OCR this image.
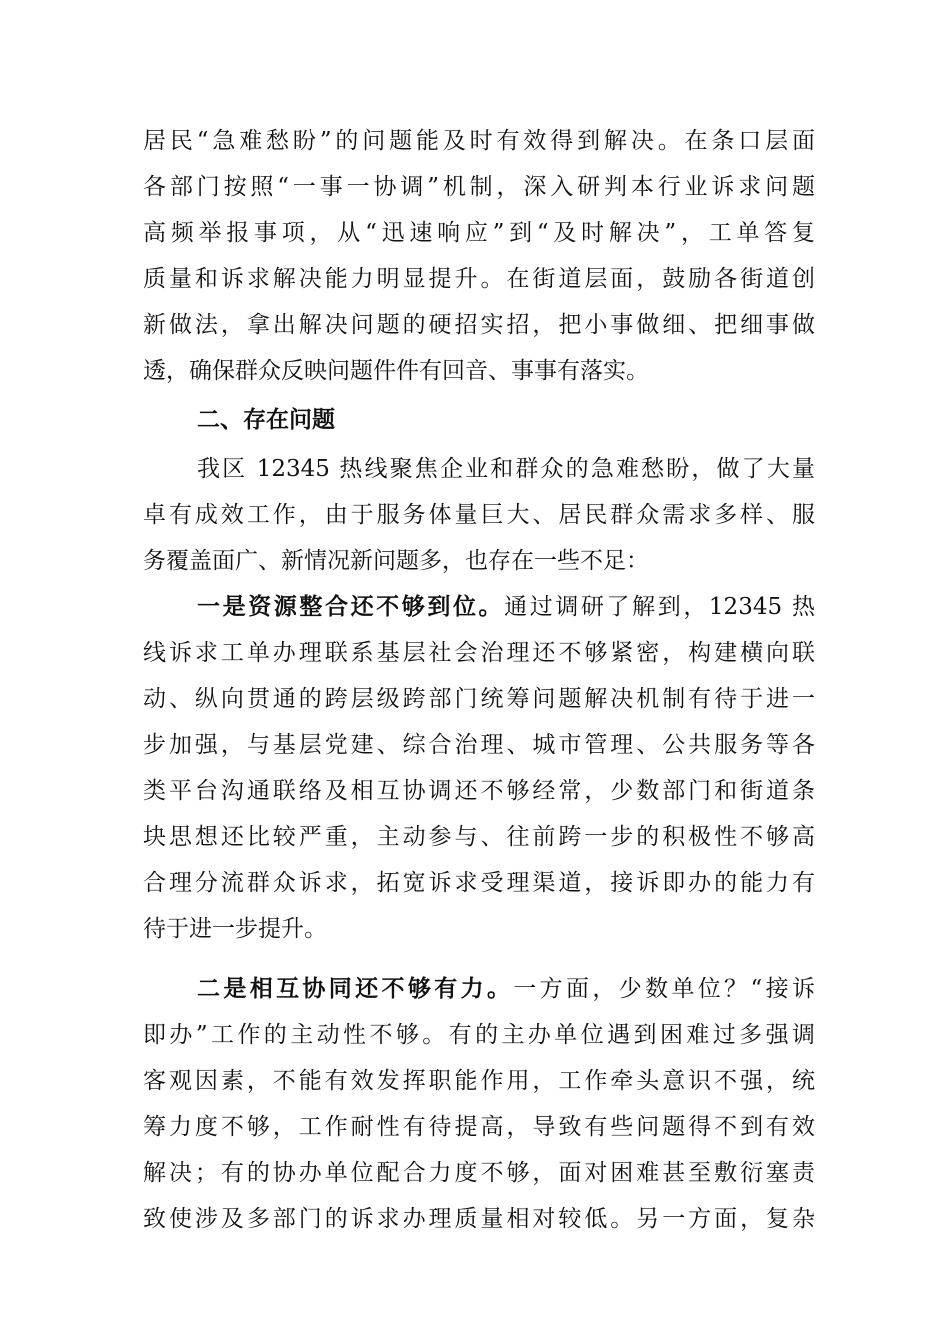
居民“急难愁盼”的问题能及时有效得到解决。在条口层面
各部门按照“一事一协调”机制，深入研判本行业诉求问题
高频举报事项，从“迅速响应”到“及时解决”，工单答复
质量和诉求解决能力明显提升。在街道层面，鼓励各街道创
新做法，拿出解决问题的硬招实招，把小事做细、把细事做
透，确保群众反映问题件件有回音、事事有落实。
二、存在问题
我区 12345 热线聚焦企业和群众的急难愁盼，做了大量
卓有成效工作，由于服务体量巨大、居民群众需求多样、服
务覆盖面广、新情况新问题多，也存在一些不足：
一是资源整合还不够到位。通过调研了解到，12345 热
线诉求工单办理联系基层社会治理还不够紧密，构建横向联
动、纵向贯通的跨层级跨部门统筹问题解决机制有待于进一
步加强，与基层党建、综合治理、城市管理、公共服务等各
类平台沟通联络及相互协调还不够经常，少数部门和街道条
块思想还比较严重，主动参与、往前跨一步的积极性不够高
合理分流群众诉求，拓宽诉求受理渠道，接诉即办的能力有
待于进一步提升。
二是相互协同还不够有力。一方面，少数单位？“接诉
即办”工作的主动性不够。有的主办单位遇到困难过多强调
客观因素，不能有效发挥职能作用，工作牵头意识不强，统
筹力度不够，工作耐性有待提高，导致有些问题得不到有效
解决；有的协办单位配合力度不够，面对困难甚至敷衍塞责
致使涉及多部门的诉求办理质量相对较低。另一方面，复杂
